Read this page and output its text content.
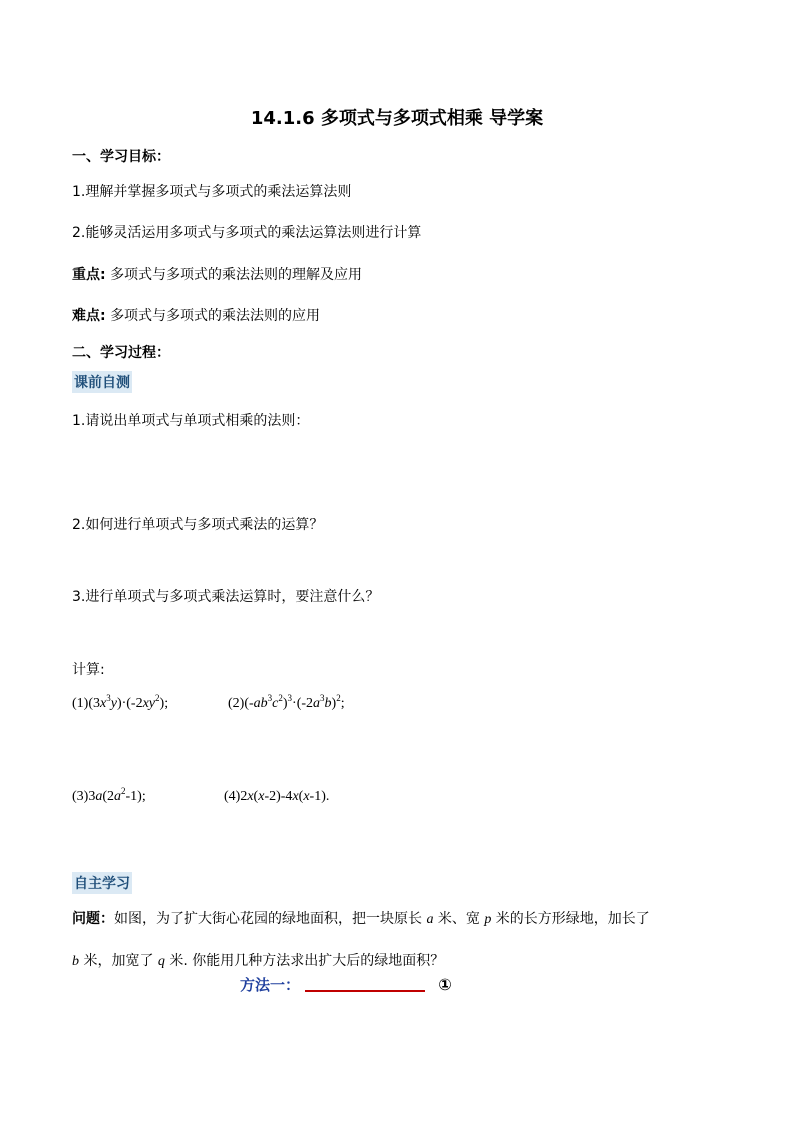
14.1.6 多项式与多项式相乘 导学案
一、学习目标：
1.理解并掌握多项式与多项式的乘法运算法则
2.能够灵活运用多项式与多项式的乘法运算法则进行计算
重点: 多项式与多项式的乘法法则的理解及应用
难点: 多项式与多项式的乘法法则的应用
二、学习过程：
课前自测
1.请说出单项式与单项式相乘的法则：
2.如何进行单项式与多项式乘法的运算？
3.进行单项式与多项式乘法运算时，要注意什么？
计算:
$(1)(3x^3y)\cdot(-2xy^2)$;	$(2)(-ab^3c^2)^3\cdot(-2a^3b)^2$;
$(3)3a(2a^2-1)$;	(4)2x(x-2)-4x(x-1).
自主学习
问题：如图，为了扩大街心花园的绿地面积，把一块原长 a 米、宽 p 米的长方形绿地，加长了
b 米，加宽了 q 米. 你能用几种方法求出扩大后的绿地面积？
方法一：	①
